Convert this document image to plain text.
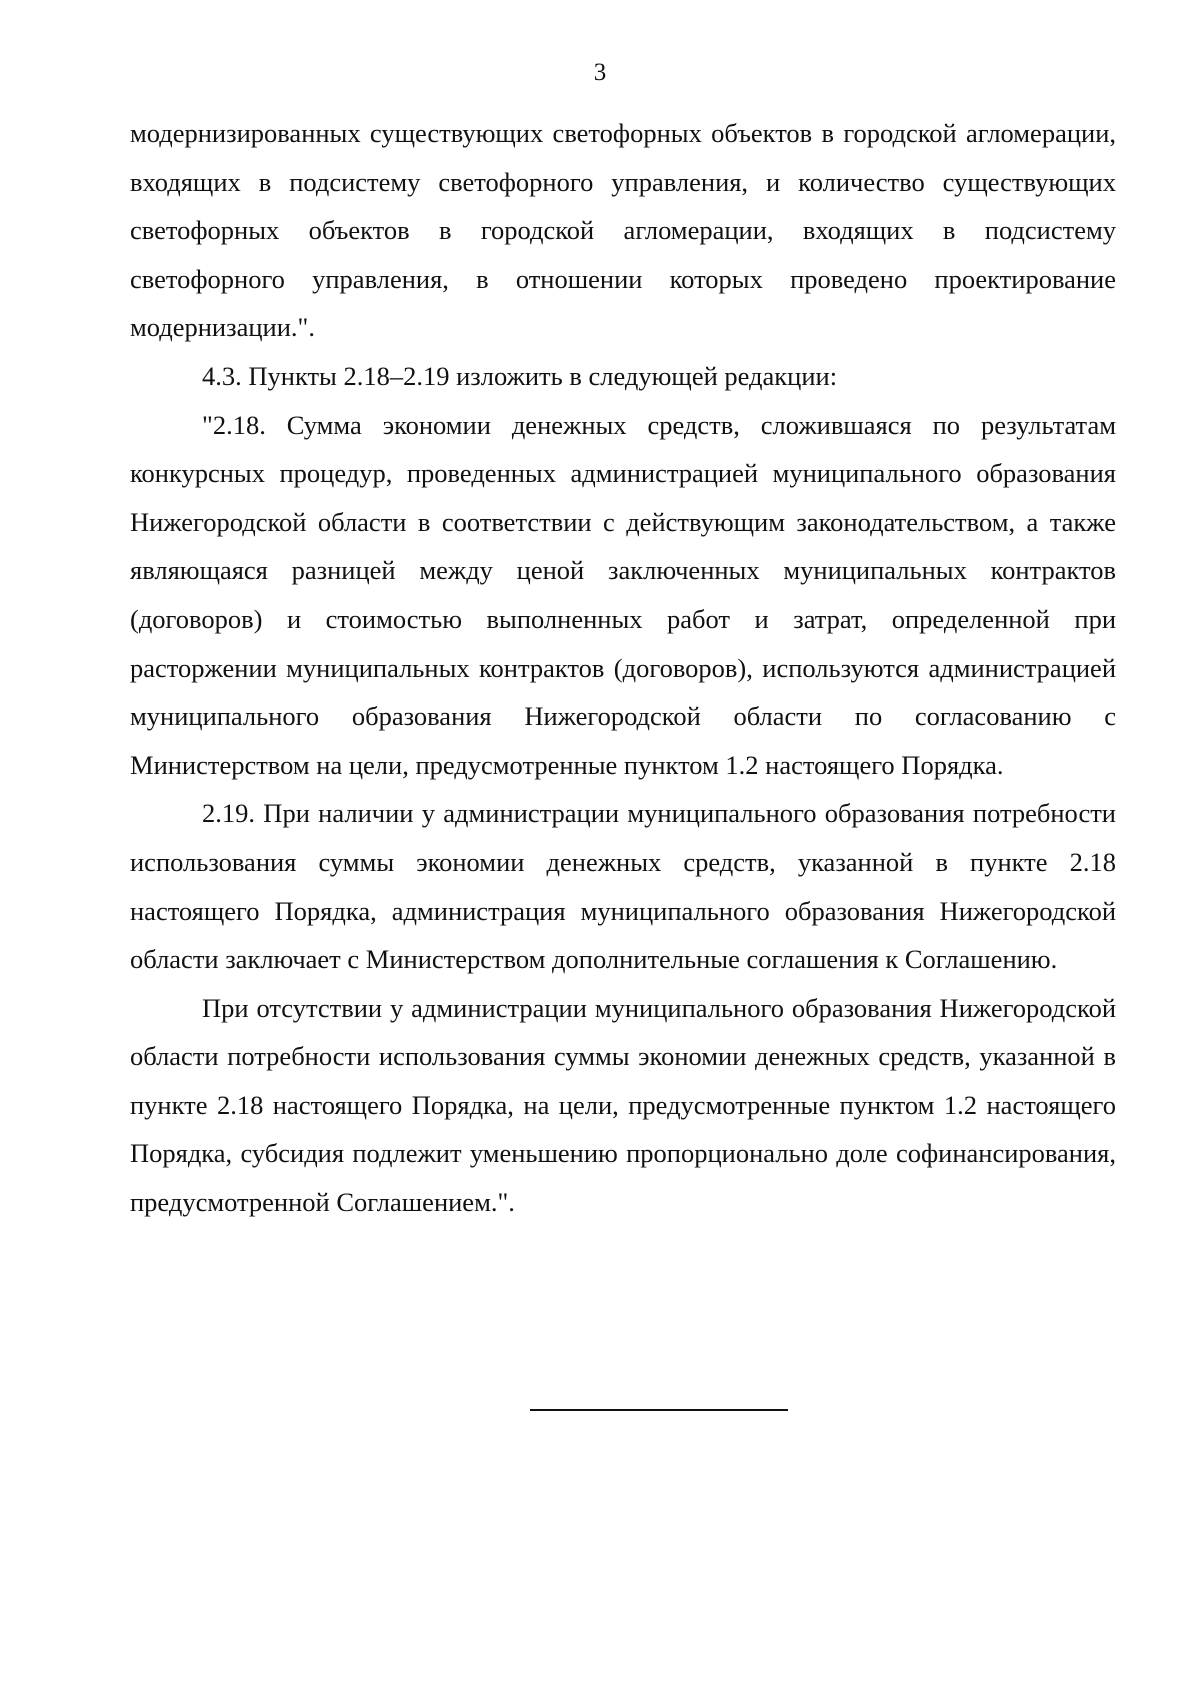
3

модернизированных существующих светофорных объектов в городской агломерации, входящих в подсистему светофорного управления, и количество существующих светофорных объектов в городской агломерации, входящих в подсистему светофорного управления, в отношении которых проведено проектирование модернизации.".

4.3. Пункты 2.18–2.19 изложить в следующей редакции:

"2.18. Сумма экономии денежных средств, сложившаяся по результатам конкурсных процедур, проведенных администрацией муниципального образования Нижегородской области в соответствии с действующим законодательством, а также являющаяся разницей между ценой заключенных муниципальных контрактов (договоров) и стоимостью выполненных работ и затрат, определенной при расторжении муниципальных контрактов (договоров), используются администрацией муниципального образования Нижегородской области по согласованию с Министерством на цели, предусмотренные пунктом 1.2 настоящего Порядка.

2.19. При наличии у администрации муниципального образования потребности использования суммы экономии денежных средств, указанной в пункте 2.18 настоящего Порядка, администрация муниципального образования Нижегородской области заключает с Министерством дополнительные соглашения к Соглашению.

При отсутствии у администрации муниципального образования Нижегородской области потребности использования суммы экономии денежных средств, указанной в пункте 2.18 настоящего Порядка, на цели, предусмотренные пунктом 1.2 настоящего Порядка, субсидия подлежит уменьшению пропорционально доле софинансирования, предусмотренной Соглашением.".
